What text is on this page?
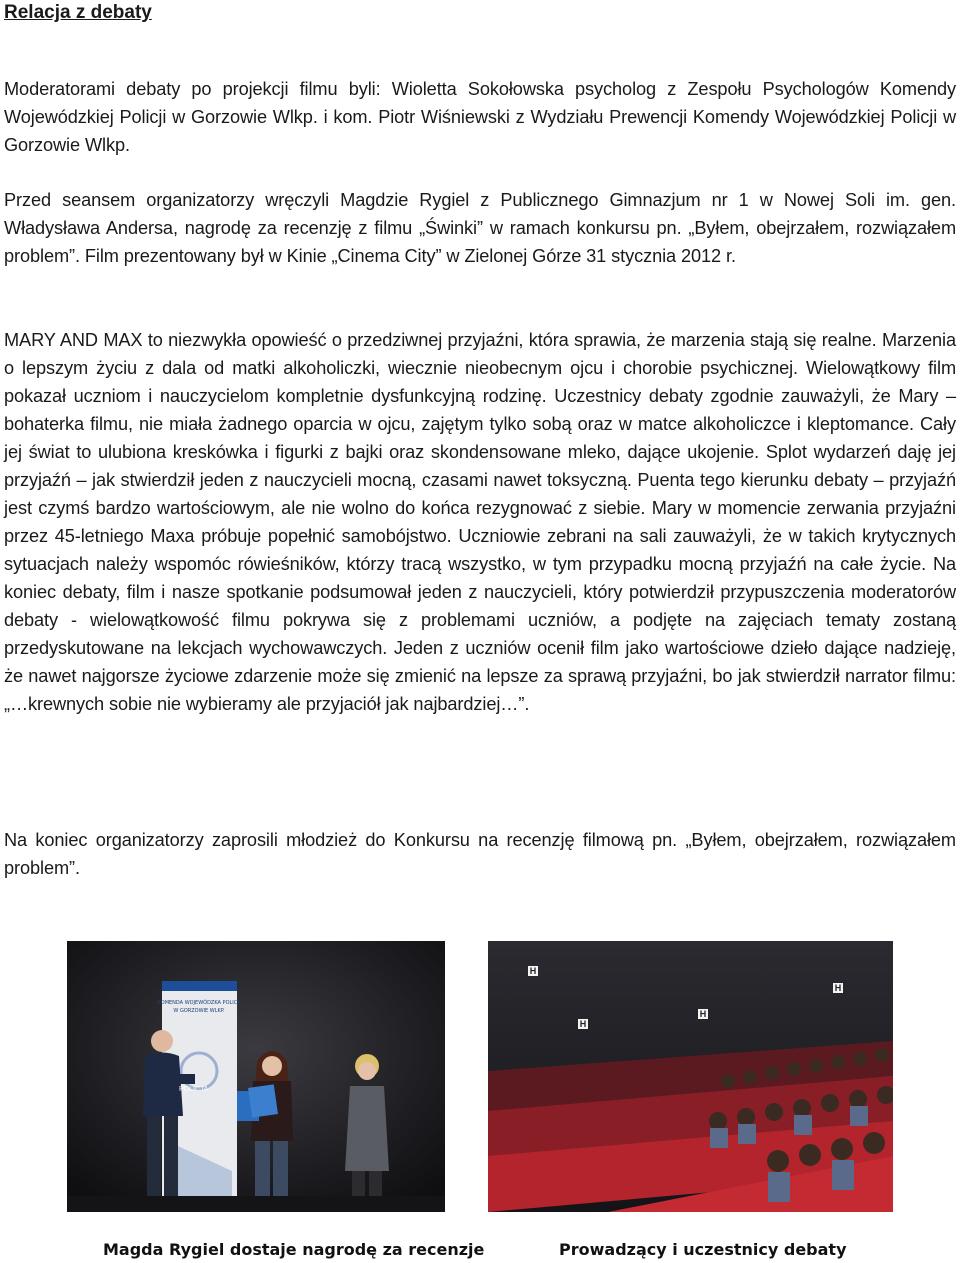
Relacja z debaty

Moderatorami debaty po projekcji filmu byli: Wioletta Sokołowska psycholog z Zespołu Psychologów Komendy Wojewódzkiej Policji w Gorzowie Wlkp. i kom. Piotr Wiśniewski z Wydziału Prewencji Komendy Wojewódzkiej Policji w Gorzowie Wlkp.

Przed seansem organizatorzy wręczyli Magdzie Rygiel z Publicznego Gimnazjum nr 1 w Nowej Soli im. gen. Władysława Andersa, nagrodę za recenzję z filmu „Świnki” w ramach konkursu pn. „Byłem, obejrzałem, rozwiązałem problem”. Film prezentowany był w Kinie „Cinema City” w Zielonej Górze 31 stycznia 2012 r.

MARY AND MAX to niezwykła opowieść o przedziwnej przyjaźni, która sprawia, że marzenia stają się realne. Marzenia o lepszym życiu z dala od matki alkoholiczki, wiecznie nieobecnym ojcu i chorobie psychicznej. Wielowątkowy film pokazał uczniom i nauczycielom kompletnie dysfunkcyjną rodzinę. Uczestnicy debaty zgodnie zauważyli, że Mary – bohaterka filmu, nie miała żadnego oparcia w ojcu, zajętym tylko sobą oraz w matce alkoholiczce i kleptomance. Cały jej świat to ulubiona kreskówka i figurki z bajki oraz skondensowane mleko, dające ukojenie. Splot wydarzeń daję jej przyjaźń – jak stwierdził jeden z nauczycieli mocną, czasami nawet toksyczną. Puenta tego kierunku debaty – przyjaźń jest czymś bardzo wartościowym, ale nie wolno do końca rezygnować z siebie. Mary w momencie zerwania przyjaźni przez 45-letniego Maxa próbuje popełnić samobójstwo. Uczniowie zebrani na sali zauważyli, że w takich krytycznych sytuacjach należy wspomóc rówieśników, którzy tracą wszystko, w tym przypadku mocną przyjaźń na całe życie. Na koniec debaty, film i nasze spotkanie podsumował jeden z nauczycieli, który potwierdził przypuszczenia moderatorów debaty - wielowątkowość filmu pokrywa się z problemami uczniów, a podjęte na zajęciach tematy zostaną przedyskutowane na lekcjach wychowawczych. Jeden z uczniów ocenił film jako wartościowe dzieło dające nadzieję, że nawet najgorsze życiowe zdarzenie może się zmienić na lepsze za sprawą przyjaźni, bo jak stwierdził narrator filmu: „…krewnych sobie nie wybieramy ale przyjaciół jak najbardziej…”.

Na koniec organizatorzy zaprosili młodzież do Konkursu na recenzję filmową pn. „Byłem, obejrzałem, rozwiązałem problem”.

KOMENDA WOJEWÓDZKA POLICJI
W GORZOWIE WLKP.
POLICJA
H
H
H
H
Magda Rygiel dostaje nagrodę za recenzje	Prowadzący i uczestnicy debaty
